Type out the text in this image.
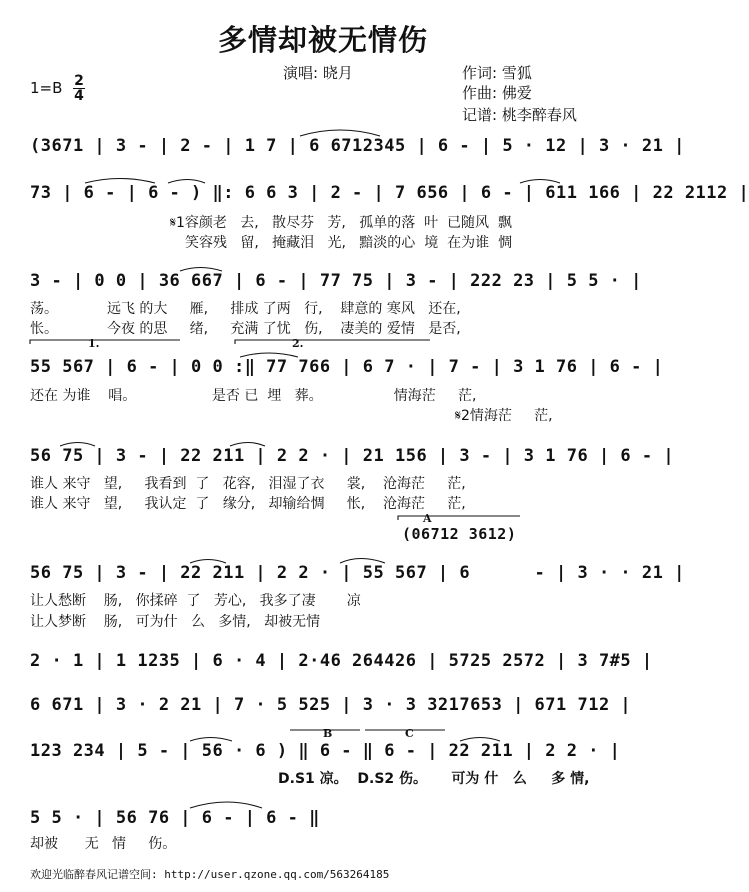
多情却被无情伤
演唱: 晓月	作词: 雪狐
作曲: 佛爱
记谱: 桃李醉春风
1=B 2
4
(3671 | 3 - | 2 - | 1 7 | 6 6712345 | 6 - | 5 · 12 | 3 · 21 |
73 | 6 - | 6 - ) ‖: 6 6 3 | 2 - | 7 656 | 6 - | 611 166 | 22 2112 |
𝄋1容颜老   去,   散尽芬   芳,   孤单的落  叶  已随风  飘
笑容残   留,   掩藏泪   光,   黯淡的心  境  在为谁  惆
3 - | 0 0 | 36 667 | 6 - | 77 75 | 3 - | 222 23 | 5 5 · |
荡。           远飞 的大     雁,     排成 了两   行,    肆意的 寒风   还在,
怅。           今夜 的思     绪,     充满 了忧   伤,    凄美的 爱情   是否,
1.	2.
55 567 | 6 - | 0 0 :‖ 77 766 | 6 7 · | 7 - | 3 1 76 | 6 - |
还在 为谁    唱。                 是否 已  埋   葬。                情海茫     茫,
𝄋2情海茫     茫,
56 75 | 3 - | 22 211 | 2 2 · | 21 156 | 3 - | 3 1 76 | 6 - |
谁人 来守   望,     我看到  了   花容,   泪湿了衣     裳,    沧海茫     茫,
谁人 来守   望,     我认定  了   缘分,   却输给惆     怅,    沧海茫     茫,
A
(06712 3612)
56 75 | 3 - | 22 211 | 2 2 · | 55 567 | 6      - | 3 · · 21 |
让人愁断    肠,   你揉碎  了   芳心,   我多了凄       凉
让人梦断    肠,   可为什   么   多情,   却被无情
2 · 1 | 1 1235 | 6 · 4 | 2·46 264426 | 5725 2572 | 3 7#5 |
6 671 | 3 · 2 21 | 7 · 5 525 | 3 · 3 3217653 | 671 712 |
B	C
123 234 | 5 - | 56 · 6 ) ‖ 6 - ‖ 6 - | 22 211 | 2 2 · |
D.S1 凉。  D.S2 伤。     可为 什   么     多 情,
5 5 · | 56 76 | 6 - | 6 - ‖
却被      无   情     伤。
欢迎光临醉春风记谱空间: http://user.qzone.qq.com/563264185
